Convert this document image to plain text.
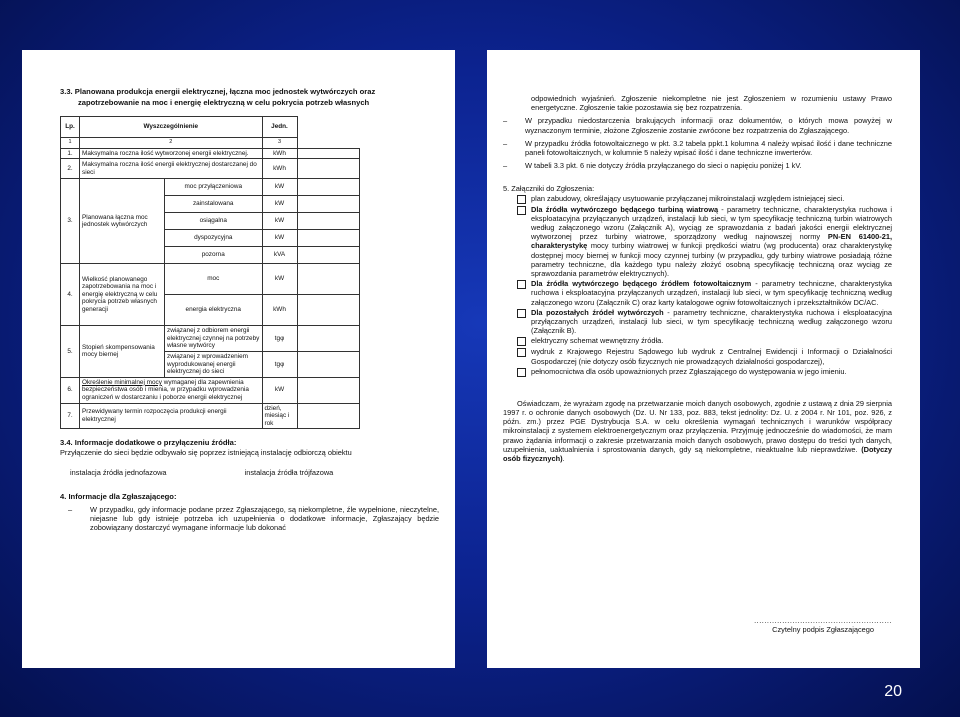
3.3. Planowana produkcja energii elektrycznej, łączna moc jednostek wytwórczych oraz

zapotrzebowanie na moc i energię elektryczną w celu pokrycia potrzeb własnych

Lp.	Wyszczególnienie		Jedn.	
1	2		3	
1.	Maksymalna roczna ilość wytworzonej energii elektrycznej.		kWh	
2.	Maksymalna roczna ilość energii elektrycznej dostarczanej do sieci		kWh	
3.	Planowana łączna moc jednostek wytwórczych	moc przyłączeniowa	kW	
		zainstalowana	kW	
		osiągalna	kW	
		dyspozycyjna	kW	
		pozorna	kVA	
4.	Wielkość planowanego zapotrzebowania na moc i energię elektryczną w celu pokrycia potrzeb własnych generacji	moc	kW	
		energia elektryczna	kWh	
5.	Stopień skompensowania mocy biernej	związanej z odbiorem energii elektrycznej czynnej na potrzeby własne wytwórcy	tgφ	
		związanej z wprowadzeniem wyprodukowanej energii elektrycznej do sieci	tgφ	
6.	Określenie minimalnej mocy wymaganej dla zapewnienia bezpieczeństwa osób i mienia, w przypadku wprowadzenia ograniczeń w dostarczaniu i poborze energii elektrycznej		kW	
7.	Przewidywany termin rozpoczęcia produkcji energii elektrycznej		dzień, miesiąc i rok	

3.4. Informacje dodatkowe o przyłączeniu źródła:

Przyłączenie do sieci będzie odbywało się poprzez istniejącą instalację odbiorczą obiektu
instalacja źródła jednofazowa	instalacja źródła trójfazowa

4. Informacje dla Zgłaszającego:

–	W przypadku, gdy informacje podane przez Zgłaszającego, są niekompletne, źle wypełnione, nieczytelne, niejasne lub gdy istnieje potrzeba ich uzupełnienia o dodatkowe informacje, Zgłaszający będzie zobowiązany dostarczyć wymagane informacje lub dokonać
odpowiednich wyjaśnień. Zgłoszenie niekompletne nie jest Zgłoszeniem w rozumieniu ustawy Prawo energetyczne. Zgłoszenie takie pozostawia się bez rozpatrzenia.
–	W przypadku niedostarczenia brakujących informacji oraz dokumentów, o których mowa powyżej w wyznaczonym terminie, złożone Zgłoszenie zostanie zwrócone bez rozpatrzenia do Zgłaszającego.
–	W przypadku źródła fotowoltaicznego w pkt. 3.2 tabela ppkt.1 kolumna 4 należy wpisać ilość i dane techniczne paneli fotowoltaicznych, w kolumnie 5 należy wpisać ilość i dane techniczne inwerterów.
–	W tabeli 3.3 pkt. 6 nie dotyczy źródła przyłączanego do sieci o napięciu poniżej 1 kV.
5. Załączniki do Zgłoszenia:
plan zabudowy, określający usytuowanie przyłączanej mikroinstalacji względem istniejącej sieci.
Dla źródła wytwórczego będącego turbiną wiatrową - parametry techniczne, charakterystyka ruchowa i eksploatacyjna przyłączanych urządzeń, instalacji lub sieci, w tym specyfikację techniczną turbin wiatrowych według załączonego wzoru (Załącznik A), wyciąg ze sprawozdania z badań jakości energii elektrycznej wytworzonej przez turbiny wiatrowe, sporządzony według najnowszej normy PN-EN 61400-21, charakterystykę mocy turbiny wiatrowej w funkcji prędkości wiatru (wg producenta) oraz charakterystykę dostępnej mocy biernej w funkcji mocy czynnej turbiny (w przypadku, gdy turbiny wiatrowe posiadają różne parametry techniczne, dla każdego typu należy złożyć osobną specyfikację techniczną oraz wyciąg ze sprawozdania parametrów elektrycznych).
Dla źródła wytwórczego będącego źródłem fotowoltaicznym - parametry techniczne, charakterystyka ruchowa i eksploatacyjna przyłączanych urządzeń, instalacji lub sieci, w tym specyfikację techniczną według załączonego wzoru (Załącznik C) oraz karty katalogowe ogniw fotowoltaicznych i przekształtników DC/AC.
Dla pozostałych źródeł wytwórczych - parametry techniczne, charakterystyka ruchowa i eksploatacyjna przyłączanych urządzeń, instalacji lub sieci, w tym specyfikację techniczną według załączonego wzoru (Załącznik B).
elektryczny schemat wewnętrzny źródła.
wydruk z Krajowego Rejestru Sądowego lub wydruk z Centralnej Ewidencji i Informacji o Działalności Gospodarczej (nie dotyczy osób fizycznych nie prowadzących działalności gospodarczej),
pełnomocnictwa dla osób upoważnionych przez Zgłaszającego do występowania w jego imieniu.
Oświadczam, że wyrażam zgodę na przetwarzanie moich danych osobowych, zgodnie z ustawą z dnia 29 sierpnia 1997 r. o ochronie danych osobowych (Dz. U. Nr 133, poz. 883, tekst jednolity: Dz. U. z 2004 r. Nr 101, poz. 926, z późn. zm.) przez PGE Dystrybucja S.A. w celu określenia wymagań technicznych i warunków współpracy mikroinstalacji z systemem elektroenergetycznym oraz przyłączenia. Przyjmuję jednocześnie do wiadomości, że mam prawo żądania informacji o zakresie przetwarzania moich danych osobowych, prawo dostępu do treści tych danych, uzupełnienia, uaktualnienia i sprostowania danych, gdy są niekompletne, nieaktualne lub nieprawdziwe. (Dotyczy osób fizycznych).
......................................................
Czytelny podpis Zgłaszającego
20
